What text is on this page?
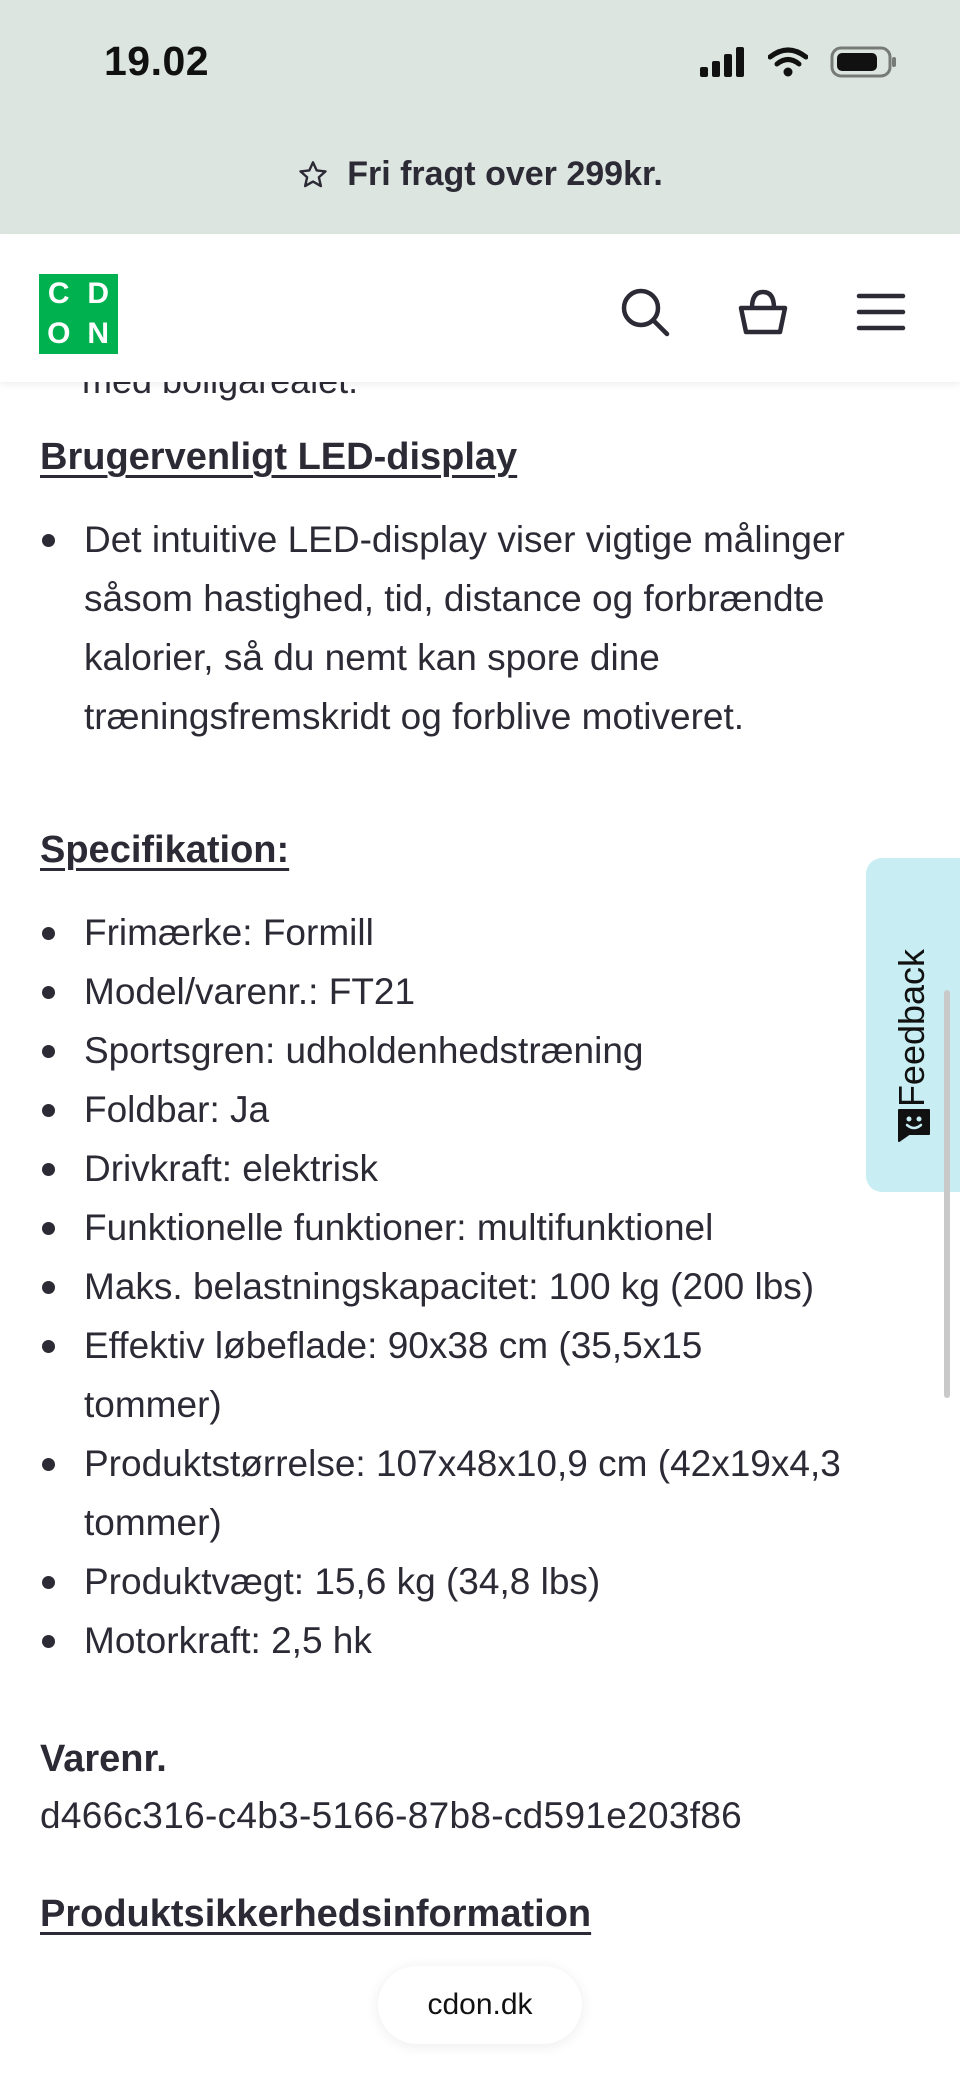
19.02
Fri fragt over 299kr.
C D
O N
Brugervenligt LED-display
Det intuitive LED-display viser vigtige målinger såsom hastighed, tid, distance og forbrændte kalorier, så du nemt kan spore dine træningsfremskridt og forblive motiveret.
Specifikation:
Frimærke: Formill
Model/varenr.: FT21
Sportsgren: udholdenhedstræning
Foldbar: Ja
Drivkraft: elektrisk
Funktionelle funktioner: multifunktionel
Maks. belastningskapacitet: 100 kg (200 lbs)
Effektiv løbeflade: 90x38 cm (35,5x15 tommer)
Produktstørrelse: 107x48x10,9 cm (42x19x4,3 tommer)
Produktvægt: 15,6 kg (34,8 lbs)
Motorkraft: 2,5 hk
Varenr.
d466c316-c4b3-5166-87b8-cd591e203f86
Produktsikkerhedsinformation
Feedback
cdon.dk
